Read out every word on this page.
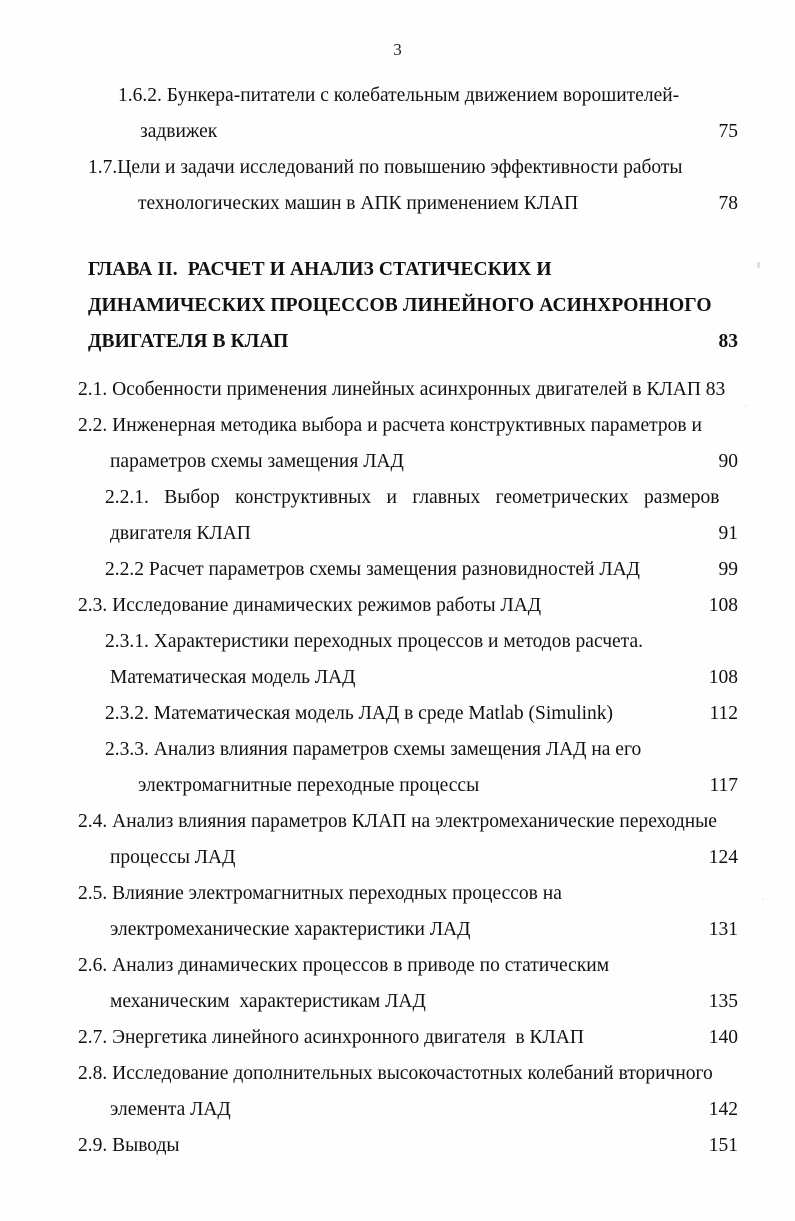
3
1.6.2. Бункера-питатели с колебательным движением ворошителей-
задвижек	75
1.7.Цели и задачи исследований по повышению эффективности работы
технологических машин в АПК применением КЛАП	78
ГЛАВА II.  РАСЧЕТ И АНАЛИЗ СТАТИЧЕСКИХ И
ДИНАМИЧЕСКИХ ПРОЦЕССОВ ЛИНЕЙНОГО АСИНХРОННОГО
ДВИГАТЕЛЯ В КЛАП	83
2.1. Особенности применения линейных асинхронных двигателей в КЛАП 83
2.2. Инженерная методика выбора и расчета конструктивных параметров и
параметров схемы замещения ЛАД	90
2.2.1. Выбор конструктивных и главных геометрических размеров
двигателя КЛАП	91
2.2.2 Расчет параметров схемы замещения разновидностей ЛАД	99
2.3. Исследование динамических режимов работы ЛАД	108
2.3.1. Характеристики переходных процессов и методов расчета.
Математическая модель ЛАД	108
2.3.2. Математическая модель ЛАД в среде Matlab (Simulink)	112
2.3.3. Анализ влияния параметров схемы замещения ЛАД на его
электромагнитные переходные процессы	117
2.4. Анализ влияния параметров КЛАП на электромеханические переходные
процессы ЛАД	124
2.5. Влияние электромагнитных переходных процессов на
электромеханические характеристики ЛАД	131
2.6. Анализ динамических процессов в приводе по статическим
механическим  характеристикам ЛАД	135
2.7. Энергетика линейного асинхронного двигателя  в КЛАП	140
2.8. Исследование дополнительных высокочастотных колебаний вторичного
элемента ЛАД	142
2.9. Выводы	151
